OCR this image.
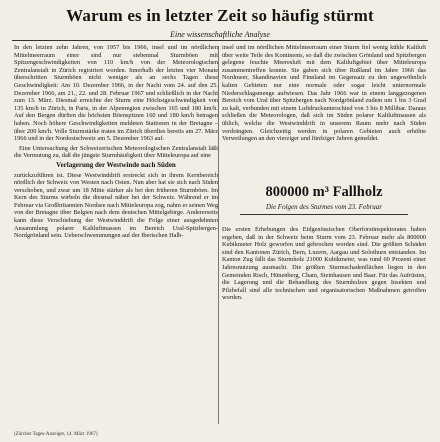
Warum es in letzter Zeit so häufig stürmt
Eine wissenschaftliche Analyse

In den letzten zehn Jahren, von 1957 bis 1966, insel und im nördlichen Mittelmeerraum einer sind nur siebenmal Sturmböen mit Spitzengeschwindigkeiten von 110 km/h von der Meteorologischen Zentralanstalt in Zürich registriert worden. Innerhalb der letzten vier Monate überschritten Sturmböen nicht weniger als an sechs Tagen diese Geschwindigkeit: Am 10. Dezember 1966, in der Nacht vom 24. auf den 25. Dezember 1966, am 21., 22. und 28. Februar 1967 und schließlich in der Nacht zum 13. März. Diesmal erreichte der Sturm eine Höchstgeschwindigkeit von 135 km/h in Zürich, in Paris, in der Alpenregion zwischen 165 und 180 km/h. Auf den Bergen dürften die höchsten Böenspitzen 160 und 180 km/h betragen haben. Noch höhere Geschwindigkeiten meldeten Stationen in der Bretagne – über 200 km/h. Volle Sturmstärke traten im Zürich überdies bereits am 27. März 1966 und in der Nordostschweiz am 5. Dezember 1963 auf.

Eine Untersuchung der Schweizerischen Meteorologischen Zentralanstalt läßt die Vermutung zu, daß die jüngste Sturmhäufigkeit über Mitteleuropa auf eine

Verlagerung der Westwinde nach Süden

zurückzuführen ist. Diese Westwinddrift erstreckt sich in ihrem Kernbereich nördlich der Schweiz von Westen nach Osten. Nun aber hat sie sich nach Süden verschoben, und zwar um 18 Mitte stärker als bei den früheren Sturmböen. Im Kern des Sturms wirbeln die diesmal näher bei der Schweiz. Während er im Februar via Großbritannien Nordsee nach Mitteleuropa zog, nahm er seinen Weg von der Bretagne über Belgien nach dem deutschen Mittelgebirge. Andererseits kann diese Verschiebung der Westwinddrift die Folge einer ausgedehnten Ansammlung polarer Kaltluftmassen im Bereich Ural-Spitzbergen-Nordgrönland sein. Ueberschwemmungen auf der Iberischen Halb-

insel und im nördlichen Mittelmeerraum einer Sturm fiel wenig kühle Kaltluft über weite Teile des Kontinents, so daß die zwischen Grönland und Spitzbergen gelegene feuchte Meeresluft mit dem Kaltluftgebiet über Mitteleuropa zusammentreffen konnte. Sie gaben sich über Rußland im Jahre 1966 das Nordmeer, Skandinavien und Finnland im Gegensatz zu den ungewöhnlich kalten Gebieten nur eine normale oder sogar leicht unternormale Niederschlagsmenge aufwiesen. Das Jahr 1966 war in einem langgezogenen Bereich vom Ural über Spitzbergen nach Nordgrönland zudem um 1 bis 3 Grad zu kalt, verbunden mit einem Luftdruckunterschied von 3 bis 8 Millibar. Daraus schließen die Meteorologen, daß sich im Süden polarer Kaltluftmassen als üblich, welche die Westwinddrift in unserem Raum mehr nach Süden verdrängten. Gleichzeitig werden in polaren Gebieten auch erhöhte Verweilungen an den vierziger und fünfziger Jahren gemeldet.

800000 m³ Fallholz
Die Folgen des Sturmes vom 23. Februar

Die ersten Erhebungen des Eidgenössischen Oberforstinspektorates haben ergeben, daß in der Schweiz beim Sturm vom 23. Februar mehr als 800000 Kubikmeter Holz geworfen und gebrochen worden sind. Die größten Schäden sind den Kantonen Zürich, Bern, Luzern, Aargau und Solothurn entstanden. Im Kanton Zug fällt das Sturmholz 21000 Kubikmeter, was rund 60 Prozent einer Jahresnutzung ausmacht. Die größten Sturmschadenflächen liegen in den Gemeinden Risch, Hünenberg, Cham, Steinhausen und Baar. Für das Aufrüsten, die Lagerung und die Behandlung des Sturmholzes gegen Insekten und Pilzbefall sind alle technischen und organisatorischen Maßnahmen getroffen worden.

(Zürcher Tages-Anzeiger, 14. März 1967)
